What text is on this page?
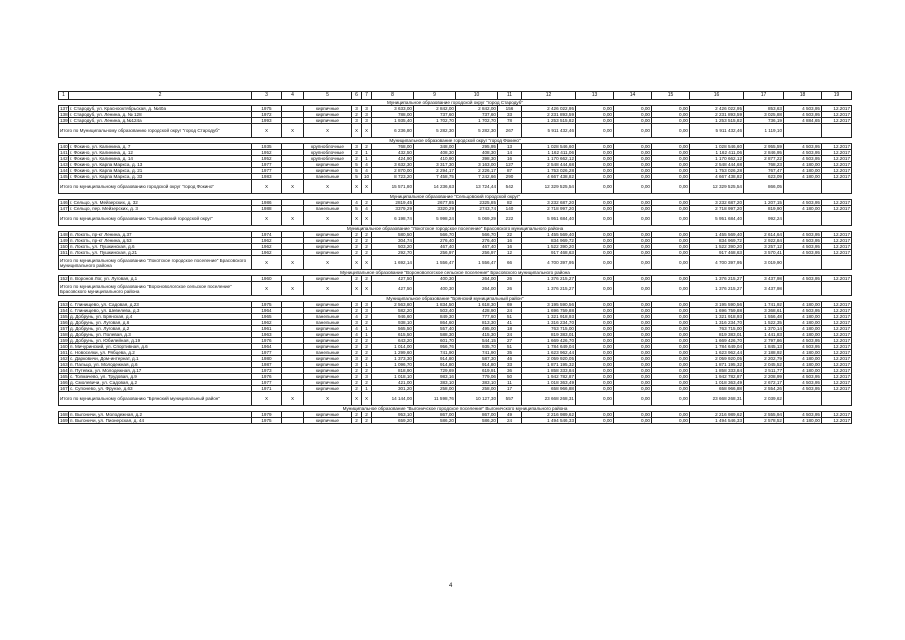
1	2	3	4	5	6	7	8	9	10	11	12	13	14	15	16	17	18	19
Муниципальное образование городской округ "город Стародуб"																		
137	г. Стародуб, ул. Краснооктябрьская, д. №40а	1975		кирпичные	3	3	3 633,00	2 842,00	2 842,00	156	2 426 022,95	0,00	0,00	0,00	2 426 022,95	853,63	4 503,95	12.2017
138	г. Стародуб, ул. Ленина, д. № 128	1972		кирпичные	2	3	788,00	737,60	737,60	33	2 231 893,59	0,00	0,00	0,00	2 231 893,59	3 025,88	4 503,95	12.2017
139	г. Стародуб, ул. Ленина, д.№124а	1993		кирпичные	3	3	1 935,40	1 702,70	1 702,70	78	1 253 515,82	0,00	0,00	0,00	1 253 515,82	736,19	4 884,65	12.2017
Итого по Муниципальному образованию городской округ "город Стародуб"		X	X	X	X	X	6 236,80	5 282,30	5 282,30	267	5 911 432,46	0,00	0,00	0,00	5 911 432,46	1 119,10		
Муниципальное образование городской округ "город Фокино"																		
140	г. Фокино, ул. Калинина, д. 7	1935		крупноблочные	3	2	768,00	348,00	295,95	13	1 028 546,60	0,00	0,00	0,00	1 028 546,60	2 955,59	4 503,95	12.2017
141	г. Фокино, ул. Калинина, д. 12	1952		крупноблочные	2	1	432,50	408,30	408,30	14	1 162 411,06	0,00	0,00	0,00	1 162 411,06	2 846,95	4 503,95	12.2017
142	г. Фокино, ул. Калинина, д. 14	1952		крупноблочные	2	1	424,90	410,90	398,30	16	1 170 662,12	0,00	0,00	0,00	1 170 662,12	2 877,22	4 503,95	12.2017
143	г. Фокино, ул. Карла Маркса, д. 13	1977		кирпичные	5	4	3 632,30	3 317,30	3 163,00	127	2 548 444,68	0,00	0,00	0,00	2 548 444,68	768,23	4 180,00	12.2017
144	г. Фокино, ул. Карла Маркса, д. 21	1977		кирпичные	5	4	2 870,00	2 294,17	2 226,17	87	1 753 026,28	0,00	0,00	0,00	1 753 026,28	767,47	4 180,00	12.2017
145	г. Фокино, ул. Карла Маркса, д. 33	1983		панельные	5	10	8 723,20	7 458,75	7 242,66	290	4 667 438,82	0,00	0,00	0,00	4 667 438,82	623,09	4 180,00	12.2017
Итого по муниципальному образованию городской округ "город Фокино"		X	X	X	X	X	15 571,80	14 236,63	13 724,44	542	12 329 525,54	0,00	0,00	0,00	12 329 525,54	866,05		
Муниципальное образование "Сельцовский городской округ"																		
146	г. Сельцо, ул. Мейзерских, д. 32	1986		кирпичные	4	2	2819,45	2677,85	2325,85	82	3 232 687,20	0,00	0,00	0,00	3 232 687,20	1 207,15	4 503,95	12.2017
147	г. Сельцо, пер. Мейзерских, д. 3	1988		панельные	5	4	3379,29	3320,29	2743,74	140	2 718 997,20	0,00	0,00	0,00	2 718 997,20	819,90	4 180,00	12.2017
Итого по муниципальному образованию "Сельцовский городской округ"		X	X	X	X	X	6 198,74	5 998,24	5 069,29	222	5 951 684,40	0,00	0,00	0,00	5 951 684,40	992,24		
Муниципальное образование "Локотское городское поселение" Брасовского муниципального района																		
148	п. Локоть, пр-кт Ленина, д.37	1974		кирпичные	2	2	580,50	566,70	566,70	22	1 455 569,40	0,00	0,00	0,00	1 455 569,40	2 614,64	4 503,95	12.2017
149	п. Локоть, пр-кт Ленина, д.53	1962		кирпичные	2	2	304,74	276,40	276,40	16	834 969,72	0,00	0,00	0,00	834 969,72	2 922,84	4 503,95	12.2017
150	п. Локоть, ул. Пушкинская, д.6	1962		кирпичные	2	2	503,20	467,40	467,40	16	1 522 390,20	0,00	0,00	0,00	1 522 390,20	3 257,12	4 503,95	12.2017
151	п. Локоть, ул. Пушкинская, д.21	1962		кирпичные	2	2	292,70	256,97	256,97	12	917 468,63	0,00	0,00	0,00	917 468,63	3 570,41	4 503,95	12.2017
Итого по муниципальному образованию "Локотское городское поселение" Брасовского муниципального района		X	X	X	X	X	1 692,14	1 556,47	1 556,47	66	4 700 397,95	0,00	0,00	0,00	4 700 397,95	3 019,90		
Муниципальное образование "Вороновологское сельское поселение" Брасовского муниципального района																		
152	п. Воронов Лог, ул. Луговая, д.1	1960		кирпичные	2	2	427,50	400,30	264,00	26	1 376 215,27	0,00	0,00	0,00	1 376 215,27	3 437,98	4 503,95	12.2017
Итого по муниципальному образованию "Вороновологское сельское поселение" Брасовского муниципального района		X	X	X	X	X	427,50	400,30	264,00	26	1 376 215,27	0,00	0,00	0,00	1 376 215,27	3 437,98		
Муниципальное образование "Брянский муниципальный район"																		
153	с. Глинищево, ул. Садовая, д.23	1975		кирпичные	3	3	2 563,80	1 834,50	1 618,30	69	3 195 590,56	0,00	0,00	0,00	3 195 590,56	1 741,92	4 180,00	12.2017
154	с. Глинищево, ул. Шевелева, д.3	1964		кирпичные	2	3	582,20	503,40	428,90	24	1 696 759,88	0,00	0,00	0,00	1 696 759,88	3 368,61	4 503,95	12.2017
155	д. Добрунь, ул. Брянская, д.4	1965		панельные	4	2	946,60	849,30	777,60	51	1 321 918,93	0,00	0,00	0,00	1 321 918,93	1 556,48	4 180,00	12.2017
156	д. Добрунь, ул. Луговая, д.6	1962		панельные	3	2	938,10	864,60	813,30	41	1 316 234,70	0,00	0,00	0,00	1 316 234,70	1 522,35	4 180,00	12.2017
157	д. Добрунь, ул. Луговая, д.2	1961		кирпичные	4	1	565,50	557,40	495,00	18	763 715,00	0,00	0,00	0,00	763 715,00	1 370,14	4 180,00	12.2017
158	д. Добрунь, ул. Полевая, д.3	1963		кирпичные	4	1	615,50	588,30	415,30	24	819 383,01	0,00	0,00	0,00	819 383,01	1 441,83	4 180,00	12.2017
159	д. Добрунь, ул. Юбилейная, д.19	1976		кирпичные	2	2	643,20	601,70	544,15	27	1 669 426,70	0,00	0,00	0,00	1 669 426,70	2 797,86	4 503,95	12.2017
160	п. Мичуринский, ул. Спортивная, д.6	1964		кирпичные	2	2	1 014,00	956,76	935,70	51	1 784 649,04	0,00	0,00	0,00	1 784 649,04	1 845,13	4 503,95	12.2017
161	с. Новоселки, ул. Рябцева, д.2	1977		панельные	2	2	1 299,60	741,90	741,90	35	1 623 962,44	0,00	0,00	0,00	1 623 962,44	2 188,92	4 180,00	12.2017
162	с. Дарковичи, Дом-интернат, д.1	1980		кирпичные	3	2	1 373,30	914,80	587,30	46	2 059 920,05	0,00	0,00	0,00	2 059 920,05	2 202,79	4 180,00	12.2017
163	п. Пальцо, ул. Молодежная, д.6	1987		кирпичные	3	1	1 096,70	914,80	914,80	33	1 871 195,32	0,00	0,00	0,00	1 871 195,32	2 045,52	4 180,00	12.2017
164	п. Путевка, ул. Молодежная, д.17	1973		кирпичные	2	2	818,90	729,69	619,91	36	1 858 333,84	0,00	0,00	0,00	1 858 333,84	2 511,77	4 180,00	12.2017
165	с. Толмачево, ул. Трудовая, д.9	1976		кирпичные	2	3	1 018,10	983,16	779,06	50	1 942 782,87	0,00	0,00	0,00	1 942 782,87	2 208,99	4 503,95	12.2017
166	д. Смолевичи, ул. Садовая, д.2	1977		кирпичные	2	2	421,00	383,10	383,10	11	1 018 363,49	0,00	0,00	0,00	1 018 363,49	2 672,17	4 503,95	12.2017
167	с. Супонево, ул. Фрунзе, д.63	1971		кирпичные	2	1	301,20	258,00	258,00	17	658 966,88	0,00	0,00	0,00	658 966,88	2 554,26	4 503,95	12.2017
Итого по муниципальному образованию "Брянский муниципальный район"		X	X	X	X	X	14 144,00	11 598,76	10 127,30	557	23 668 268,31	0,00	0,00	0,00	23 668 268,31	2 039,62		
Муниципальное образование "Выгоничское городское поселение" Выгоничского муниципального района																		
168	п. Выгоничи, ул. Молодежная, д.2	1979		кирпичные	2	2	953,10	867,00	867,00	49	2 216 989,62	0,00	0,00	0,00	2 216 989,62	2 555,94	4 503,95	12.2017
169	п. Выгоничи, ул. Пионерская, д. 44	1975		кирпичные	2	2	659,20	586,20	586,20	24	1 494 546,33	0,00	0,00	0,00	1 494 546,33	2 578,52	4 180,00	12.2017
4
